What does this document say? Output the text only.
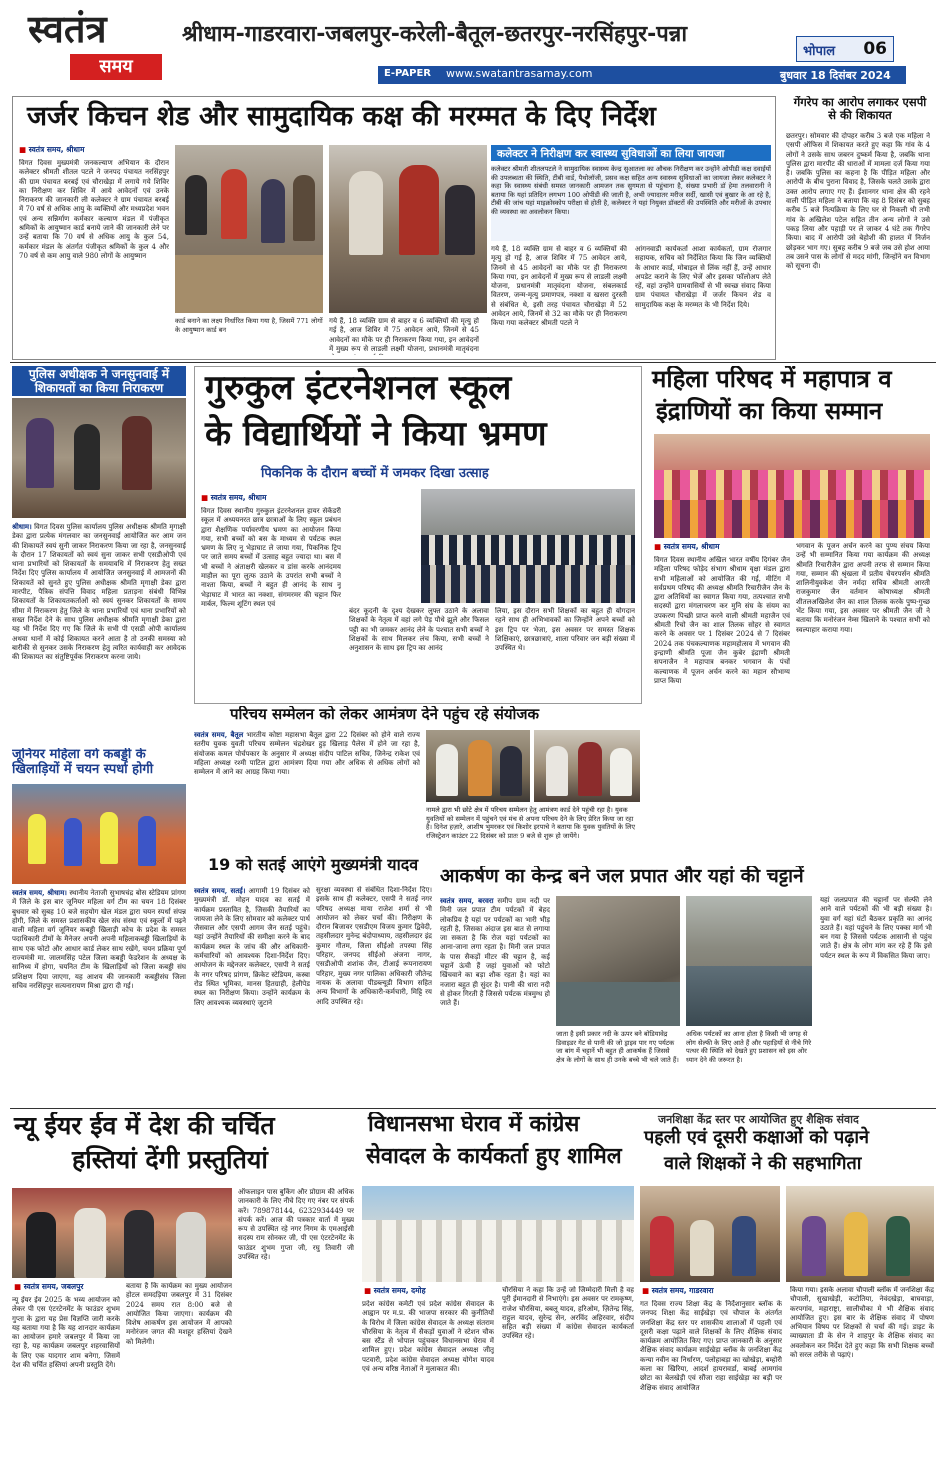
स्वतंत्र
समय
श्रीधाम-गाडरवारा-जबलपुर-करेली-बैतूल-छतरपुर-नरसिंहपुर-पन्ना
भोपाल 06
E-PAPER www.swatantrasamay.com	बुधवार 18 दिसंबर 2024
जर्जर किचन शेड और सामुदायिक कक्ष की मरम्मत के दिए निर्देश
■ स्वतंत्र समय, श्रीधाम
विगत दिवस मुख्यमंत्री जनकल्याण अभियान के दौरान कलेक्टर श्रीमती शीतल पटले ने जनपद पंचायत नरसिंहपुर की ग्राम पंचायत बरबई एवं चौराखेड़ा में लगाये गये शिविर का निरीक्षण कर शिविर में आये आवेदनों एवं उनके निराकरण की जानकारी ली कलेक्टर ने ग्राम पंचायत बरबई में 70 वर्ष से अधिक आयु के व्यक्तियों और मध्यप्रदेश भवन एवं अन्य सन्निर्माण कर्मकार कल्याण मंडल में पंजीकृत श्रमिकों के आयुष्मान कार्ड बनाये जाने की जानकारी लेने पर उन्हें बताया कि 70 वर्ष से अधिक आयु के कुल 54, कर्मकार मंडल के अंतर्गत पंजीकृत श्रमिकों के कुल 4 और 70 वर्ष से कम आयु वाले 980 लोगों के आयुष्मान
कार्ड बनाने का लक्ष्य निर्धारित किया गया है, जिसमें 771 लोगों के आयुष्मान कार्ड बन
कलेक्टर ने निरीक्षण कर स्वास्थ्य सुविधाओं का लिया जायजा
कलेक्टर श्रीमती शीतलपटले ने सामुदायिक स्वास्थ्य केन्द्र सुआतला का औचक निरीक्षण कर उन्होंने ओपीडी कक्ष दवाईयों की उपलब्धता की स्थिति, टीबी वार्ड, पैथोलॉजी, प्रसव कक्ष सहित अन्य स्वास्थ्य सुविधाओं का जायजा लेकर कलेक्टर ने कहा कि स्वास्थ्य संबंधी समस्त जानकारी आमजन तक सुगमता से पहुंचाना है, संख्या प्रभारी डॉ हेमा तलवारानी ने बताया कि यहां प्रतिदिन लगभग 100 ओपीडी की जाती है, अभी ज्यादातर मरीज सर्दी, खासी एवं बुखार के आ रहे है, टीबी की जांच यहां माइक्रोस्कोप परीक्षा से होती है, कलेक्टर ने यहां नियुक्त डॉक्टरों की उपस्थिति और मरीजों के उपचार की व्यवस्था का अवलोकन किया।
गये हैं, 18 व्यक्ति ग्राम से बाहर व 6 व्यक्तियों की मृत्यु हो गई है, आज शिविर में 75 आवेदन आये, जिनमें से 45 आवेदनों का मौके पर ही निराकरण किया गया, इन आवेदनों में मुख्य रूप से लाडली लक्ष्मी योजना, प्रधानमंत्री मातृवंदना
गये हैं, 18 व्यक्ति ग्राम से बाहर व 6 व्यक्तियों की मृत्यु हो गई है, आज शिविर में 75 आवेदन आये, जिनमें से 45 आवेदनों का मौके पर ही निराकरण किया गया, इन आवेदनों में मुख्य रूप से लाडली लक्ष्मी योजना, प्रधानमंत्री मातृवंदना योजना, संबलकार्ड वितरण, जन्म-मृत्यु प्रमाणपत्र, नक्शा व खसरा दुरस्ती से संबंधित थे, इसी तरह पंचायत चौराखेड़ा में 52 आवेदन आये, जिनमें से 32 का मौके पर ही निराकरण किया गया कलेक्टर श्रीमती पटले ने
आंगनवाडी कार्यकर्ता आशा कार्यकर्ता, ग्राम रोजगार सहायक, सचिव को निर्देशित किया कि जिन व्यक्तियों के आधार कार्ड, मोबाइल से लिंक नहीं हैं, उन्हें आधार अपडेट कराने के लिए भेजें और इसका फॉलोअप लेते रहें, वहां उन्होंने ग्रामवासियों से भी स्वच्छ संवाद किया ग्राम पंचायत चौराखेड़ा में जर्जर किचन शेड व सामुदायिक कक्ष के मरम्मत के भी निर्देश दिये।
गेंगरेप का आरोप लगाकर एसपी से की शिकायत
छतरपुर। सोमवार की दोपहर करीब 3 बजे एक महिला ने एसपी ऑफिस में शिकायत करते हुए कहा कि गांव के 4 लोगों ने उसके साथ जबरन दुष्कर्म किया है, जबकि थाना पुलिस द्वारा मारपीट की धाराओं में मामला दर्ज किया गया है। जबकि पुलिस का कहना है कि पीड़ित महिला और आरोपी के बीच पुराना विवाद है, जिसके चलते उसके द्वारा उक्त आरोप लगाए गए हैं। ईशानगर थाना क्षेत्र की रहने वाली पीड़ित महिला ने बताया कि वह 8 दिसंबर को सुबह करीब 5 बजे नित्यक्रिया के लिए घर से निकली थी तभी गांव के अखिलेश पटेल सहित तीन अन्य लोगों ने उसे पकड़ लिया और पहाड़ी पर ले जाकर 4 घंटे तक गैंगरेप किया। बाद में आरोपी उसे बेहोशी की हालत में निर्जन छोड़कर भाग गए। सुबह करीब 9 बजे जब उसे होश आया तब उसने पास के लोगों से मदद मांगी, जिन्होंने वन विभाग को सूचना दी।
पुलिस अधीक्षक ने जनसुनवाई में शिकायतों का किया निराकरण
श्रीधाम। विगत दिवस पुलिस कार्यालय पुलिस अधीक्षक श्रीमति मृगाक्षी डेका द्वारा प्रत्येक मंगलवार का जनसुनवाई आयोजित कर आम जन की शिकायतें स्वयं सुनी जाकर निराकरण किया जा रहा है, जनसुनवाई के दौरान 17 शिकायतों को स्वयं सुना जाकर सभी एसडीओपी एवं थाना प्रभारियों को शिकायतों के समयावधि में निराकरण हेतु सख्त निर्देश दिए पुलिस कार्यालय में आयोजित जनसुनवाई में आमजनों की शिकायतें को सुनते हुए पुलिस अधीक्षक श्रीमति मृगाक्षी डेका द्वारा मारपीट, पैत्रिक संपत्ति विवाद महिला प्रताड़ना संबंधी विभिन्न शिकायतों के शिकायतकर्ताओं को स्वयं सुनकर शिकायतों के समय सीमा में निराकरण हेतु जिले के थाना प्रभारियों एवं थाना प्रभारियों को सख्त निर्देश देने के साथ पुलिस अधीक्षक श्रीमति मृगाक्षी डेका द्वारा यह भी निर्देश दिए गए कि जिले के सभी पी एसडी ओपी कार्यालय अथवा थानों में कोई शिकायत करने आता है तो उनकी समस्या को बारीकी से सुनकर उसके निराकरण हेतु त्वरित कार्यवाही कर आवेदक की शिकायत का संतुष्टिपूर्वक निराकरण करना जाये।
गुरुकुल इंटरनेशनल स्कूल
के विद्यार्थियों ने किया भ्रमण
पिकनिक के दौरान बच्चों में जमकर दिखा उत्साह
■ स्वतंत्र समय, श्रीधाम
विगत दिवस स्थानीय गुरुकुल इंटरनेशनल हायर सेकेंडरी स्कूल में अध्ययनरत छात्र छात्राओं के लिए स्कूल प्रबंधन द्वारा शैक्षणिक पर्यावरणीय भ्रमण का आयोजन किया गया, सभी बच्चों को बस के माध्यम से पर्यटक स्थल भ्रमण के लिए नू भेड़ाघाट ले जाया गया, पिकनिक ट्रिप पर जाते समय बच्चों में उत्साह बहुत ज्यादा था। बस में भी बच्चों ने अंताक्षरी खेलकर व डांस करके आनंदमय माहौल का पूरा लुत्फ उठाने के उपरांत सभी बच्चों ने नाश्ता किया, बच्चों ने बहुत ही आनंद के साथ नू भेड़ाघाट में भारत का नक्शा, संगमरमर की चट्टान फिर मार्बल, फिल्म शूटिंग स्थल एवं
बंदर कूदनी के दृश्य देखकर लुफ्त उठाने के अलावा शिक्षकों के नेतृत्व में वहां लगे पेड़ पौधे झूले और फिसल पट्टी का भी जमकर आनंद लेने के पश्चात सभी बच्चों ने शिक्षकों के साथ मिलकर लंच किया, सभी बच्चों ने अनुशासन के साथ इस ट्रिप का आनंद
लिया, इस दौरान सभी शिक्षकों का बहुत ही योगदान रहने साथ ही अभिभावकों का जिन्होंने अपने बच्चों को इस ट्रिप पर भेजा, इस अवसर पर समस्त शिक्षक शिक्षिकाएं, छात्रछात्राएं, शाला परिवार जन बड़ी संख्या में उपस्थित थे।
महिला परिषद में महापात्र व
इंद्राणियों का किया सम्मान
■ स्वतंत्र समय, श्रीधाम
विगत दिवस स्थानीय अखिल भारत वर्षीय दिगंबर जैन महिला परिषद फोड़ेद संभाग श्रीधाम वृक्षा मंडल द्वारा सभी महिलाओं को आयोजित की गई, मीटिंग में सर्वप्रथम परिषद की अध्यक्ष श्रीमति रिचारीजैन जैन के द्वारा अतिथियों का स्वागत किया गया, तत्पश्चात सभी सदस्यों द्वारा मंगलाचरण कर मुनि संघ के संयम का उपकरण पिच्छी प्राप्त करने वाली श्रीमती महाजैन एवं श्रीमती रिचो जैन का शाल तिलक सोहर से स्वागत करने के अवसर पर 1 दिसंबर 2024 से 7 दिसंबर 2024 तक पंचकल्याणक महामहोत्सव में भगवान की इन्द्राणी श्रीमति पूजा जैन कुबेर इंद्राणी श्रीमती सपनाजैन ने महापात्र बनकर भगवान के पंचों कल्याणक में पूजन अर्चन करने का महान सौभाग्य प्राप्त किया
भगवान के पूजन अर्चन करने का पुण्य संचय किया उन्हें भी सम्मानित किया गया कार्यक्रम की अध्यक्ष श्रीमति रिचारीजैन द्वारा अपनी तरफ से सम्मान किया गया, सम्मान की श्रृंखला में प्रतीय चेयरपर्सन श्रीमति शालिनीयुवकेश जैन नर्मदा सचिव श्रीमती आरती राजकुमार जैन वर्तमान कोषाध्यक्ष श्रीमती शीतलअखिलेश जैन का शाल तिलक करके पुष्प-गुच्छ भेंट किया गया, इस अवसर पर श्रीमती जैन जी ने बताया कि मनोरंजन नेम्स खिलाने के पश्चात सभी को स्वल्पाहार कराया गया।
परिचय सम्मेलन को लेकर आमंत्रण देने पहुंच रहे संयोजक
स्वतंत्र समय, बैतूल भारतीय कोष्टा महासभा बैतूल द्वारा 22 दिसंबर को होने वाले राज्य स्तरीय युवक युवती परिचय सम्मेलन चंद्रशेखर हुड़ खिलाड़ पैलेस में होने जा रहा है, संयोजक कमल पोर्चपकार के अनुसार में अध्यक्ष संदीप पाटिल सचिव, जिनेन्द्र राकेश एवं महिला अध्यक्ष रश्मी पाटिल द्वारा आमंत्रण दिया गया और अधिक से अधिक लोगों को सम्मेलन में आने का आग्रह किया गया।
नामले द्वारा भी छोटे क्षेत्र में परिचय सम्मेलन हेतु आमंत्रण कार्ड देने पहुंची रहा है। युवक युवतियों को सम्मेलन में पहुंचने एवं मंच से अपना परिचय देने के लिए प्रेरित किया जा रहा है। दिनेश हज़ारे, आशीष भुमरकर एवं किशोर इरपाचे ने बताया कि युवक युवतियों के लिए रजिस्ट्रेशन काउंटर 22 दिसंबर को प्रातः 9 बजे से शुरू हो जायेंगे।
जूनियर महिला वर्ग कबड्डी के खिलाड़ियों में चयन स्पर्धा होगी
स्वतंत्र समय, श्रीधाम। स्थानीय नेताजी सुभाषचंद्र बोस स्टेडियम प्रांगण में जिले के इस बार जूनियर महिला वर्ग टीम का चयन 18 दिसंबर बुधवार को सुबह 10 बजे सहयोग खेल मंडल द्वारा चयन स्पर्धा संपन्न होगी, जिले के समस्त प्रशासकीय खेल संघ संस्था एवं स्कूलों में पढ़ने वाली महिला वर्ग जूनियर कबड्डी खिलाड़ी कोच के प्रदेश के समस्त पदाधिकारी टीमों के मैनेजर अपनी अपनी महिलाकबड्डी खिलाड़ियों के साथ एक फोटो और आधार कार्ड लेकर साथ रखेंगे, चयन प्रक्रिया पूर्ण राज्यमंत्री मा. जालमसिंह पटेल जिला कबड्डी फेडरेशन के अध्यक्ष के सानिध्य में होगा, चयनित टीम के खिलाड़ियों को जिला कबड्डी संघ प्रशिक्षण दिया जाएगा, यह आशय की जानकारी कबड्डीसंघ जिला सचिव नरसिंहपुर सत्यनारायण मिश्रा द्वारा दी गई।
19 को सतई आएंगे मुख्यमंत्री यादव
स्वतंत्र समय, सतई। आगामी 19 दिसंबर को मुख्यमंत्री डॉ. मोहन यादव का सतई में कार्यक्रम प्रस्तावित है, जिसकी तैयारियों का जायजा लेने के लिए सोमवार को कलेक्टर पार्थ जैसवाल और एसपी आगम जैन सतई पहुंचे। यहां उन्होंने तैयारियों की समीक्षा करने के बाद कार्यक्रम स्थल के जांच की और अधिकारी-कर्मचारियों को आवश्यक दिशा-निर्देश दिए। आयोजन के मद्देनजर कलेक्टर, एसपी ने सतई के नगर परिषद प्रांगण, क्रिकेट स्टेडियम, कस्बा रोड स्थित भूमिका, मानस हितग्राही, हेलीपेड स्थल का निरीक्षण किया। उन्होंने कार्यक्रम के लिए आवश्यक व्यवस्थाएं जुटाने
सुरक्षा व्यवस्था से संबंधित दिशा-निर्देश दिए। इसके साथ ही कलेक्टर, एसपी ने सतई नगर परिषद अध्यक्ष माया राजेश शर्मा से भी आयोजन को लेकर चर्चा की। निरीक्षण के दौरान बिजावर एसडीएम विजय कुमार द्विवेदी, तहसीलदार मुनेन्द्र बंदोपाध्याय, तहसीलदार इंद्र कुमार गौतम, जिला सीईओ तपस्या सिंह परिहार, जनपद सीईओ अंजना नागर, एसडीओपी शशांक जैन, टीआई रूपनारायण परिहार, मुख्य नगर पालिका अधिकारी जीतेन्द्र नायक के अलावा पीडब्ल्यूडी विभाग सहित अन्य विभागों के अधिकारी-कर्मचारी, मिट्टि रय आदि उपस्थित रहे।
आकर्षण का केन्द्र बने जल प्रपात और यहां की चट्टानें
स्वतंत्र समय, बरवरा समीप ग्राम नदी पर मिनी जल प्रपात टीम पर्यटकों में बेहद लोकप्रिय है यहां पर पर्यटकों का भारी भीड़ रहती है, जिसका अंदाज इस बात से लगाया जा सकता है कि रोज यहां पर्यटकों का आना-जाना लगा रहता है। मिनी जल प्रपात के पास सैकड़ों मीटर की चट्टान है, कई चट्टानें ऊंची हैं जहां युवाओं को फोटो खिंचवाने का बड़ा शौक रहता है। यहां का नजारा बहुत ही सुंदर है। पानी की धारा नदी से होकर गिरती है जिससे पर्यटक मंत्रमुग्ध हो जाते हैं।
जाता है इसी प्रकार नदी के ऊपर बने बोडियावेद्र डिवाइडर गेट से पानी की जो ड्राइव पार गए पर्यटक जा बांग में चट्टानें भी बहुत ही आकर्षक हैं जिससे क्षेत्र के लोगों के साथ ही उनके बच्चे भी चले जाते हैं।
अधिक पर्यटकों का आना होता है किसी भी जगह से लोग सेल्फी के लिए आते हैं और पहाड़ियों से नीचे गिरे पत्थर की स्थिति को देखते हुए प्रशासन को इस ओर ध्यान देने की जरूरत है।
यहां जलप्रपात की चट्टानों पर सेल्फी लेने आने वाले पर्यटकों की भी बड़ी संख्या है। युवा वर्ग यहां घंटों बैठकर प्रकृति का आनंद उठाते हैं। यहां पहुंचने के लिए पक्का मार्ग भी बन गया है जिससे पर्यटक आसानी से पहुंच जाते हैं। क्षेत्र के लोग मांग कर रहे हैं कि इसे पर्यटन स्थल के रूप में विकसित किया जाए।
न्यू ईयर ईव में देश की चर्चित
हस्तियां देंगी प्रस्तुतियां
■ स्वतंत्र समय, जबलपुर
न्यू ईयर ईव 2025 के भव्य आयोजन को लेकर पी एस एंटरटेनमेंट के फाउंडर शुभम गुप्ता के द्वारा यह प्रेस विज्ञप्ति जारी करके यह बताया गया है कि यह शानदार कार्यक्रम का आयोजन हमारे जबलपुर में किया जा रहा है, यह कार्यक्रम जबलपुर शहरवासियों के लिए एक यादगार शाम बनेगा, जिसमें देश की चर्चित हस्तियां अपनी प्रस्तुति देंगे।
बताया है कि कार्यक्रम का मुख्य आयोजन होटल समदड़िया जबलपुर में 31 दिसंबर 2024 समय रात 8:00 बजे से आयोजित किया जाएगा। कार्यक्रम की विशेष आकर्षण इस आयोजन में आपको मनोरंजन जगत की मशहूर हस्तियां देखने को मिलेंगी।
ऑफलाइन पास बुकिंग और प्रोग्राम की अधिक जानकारी के लिए नीचे दिए गए नंबर पर संपर्क करें। 789878144, 6232934449 पर संपर्क करें। आज की पत्रकार वार्ता में मुख्य रूप से उपस्थित रहे नगर निगम के एमआईसी सदस्य राम सोनकर जी, पी एस एंटरटेनमेंट के फाउंडर शुभम गुप्ता जी, रघु तिवारी जी उपस्थित रहे।
विधानसभा घेराव में कांग्रेस
सेवादल के कार्यकर्ता हुए शामिल
■ स्वतंत्र समय, दमोह
प्रदेश कांग्रेस कमेटी एवं प्रदेश कांग्रेस सेवादल के आह्वान पर म.प्र. की भाजपा सरकार की कुनीतियों के विरोध में जिला कांग्रेस सेवादल के अध्यक्ष संतराम चौरसिया के नेतृत्व में सैकड़ों युवाओं ने स्टेशन चौक बस स्टैंड से भोपाल पहुंचकर विधानसभा घेराव में शामिल हुए। प्रदेश कांग्रेस सेवादल अध्यक्ष जीतू पटवारी, प्रदेश कांग्रेस सेवादल अध्यक्ष योगेश यादव एवं अन्य वरिष्ठ नेताओं ने मुलाकात की।
चौरसिया ने कहा कि उन्हें जो जिम्मेदारी मिली है वह पूरी ईमानदारी से निभाएंगे। इस अवसर पर रामकृष्ण, राजेश चौरसिया, बबलू यादव, हरिओम, ज़ितेन्द्र सिंह, राहुल यादव, सुरेन्द्र सेन, अरविंद अहिरवार, संदीप सहित बड़ी संख्या में कांग्रेस सेवादल कार्यकर्ता उपस्थित रहे।
जनशिक्षा केंद्र स्तर पर आयोजित हुए शैक्षिक संवाद
पहली एवं दूसरी कक्षाओं को पढ़ाने
वाले शिक्षकों ने की सहभागिता
■ स्वतंत्र समय, गाडरवारा
गत दिवस राज्य शिक्षा केंद्र के निर्देशानुसार ब्लॉक के जनपद शिक्षा केंद्र साईखेड़ा एवं चौपाल के अंतर्गत जनशिक्षा केंद्र स्तर पर शासकीय शालाओं में पहली एवं दूसरी कक्षा पढ़ाने वाले शिक्षकों के लिए शैक्षिक संवाद कार्यक्रम आयोजित किए गए। प्राप्त जानकारी के अनुसार शैक्षिक संवाद कार्यक्रम साईखेड़ा ब्लॉक के जनशिक्षा केंद्र कन्या नवीन का निर्धारण, पलोहाबड़ा का खोखेड़ा, बम्होरी कला का खिरिया, आदर्श हायरावर्डा, बाबई आमगांव छोटा का बेलखेड़ी एवं सौंजा राहा साईखेड़ा का बड़ी पर शैक्षिक संवाद आयोजित
किया गया। इसके अलावा चौपाली ब्लॉक में जनशिक्षा केंद्र चौपाली, सुखाखेड़ी, कटोतिया, नेवंदखेड़ा, बाघवाड़ा, करपगांव, महाराष्ट्रा, सालीचौका मे भी शैक्षिक संवाद आयोजित हुए। इस बार के शैक्षिक संवाद में पोषण अभियान विषय पर शिक्षकों से चर्चा की गई। डाइट के व्याख्याता डी के सेन ने शाहपुर के शैक्षिक संवाद का अवलोकन कर निर्देश देते हुए कहा कि सभी शिक्षक बच्चों को सरल तरीके से पढ़ाएं।
